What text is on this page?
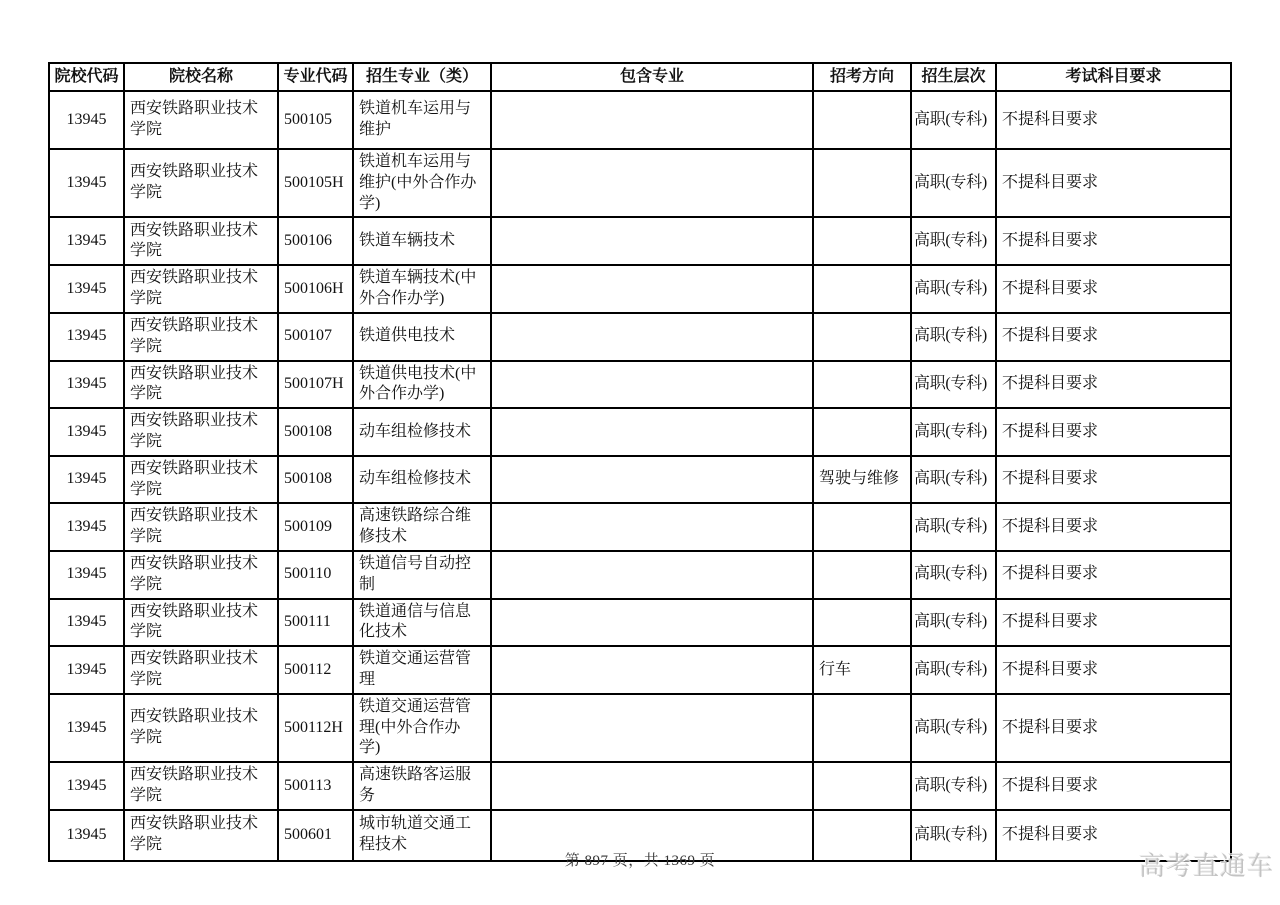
院校代码	院校名称	专业代码	招生专业（类）	包含专业	招考方向	招生层次	考试科目要求
13945	西安铁路职业技术学院	500105	铁道机车运用与维护			高职(专科)	不提科目要求
13945	西安铁路职业技术学院	500105H	铁道机车运用与维护(中外合作办学)			高职(专科)	不提科目要求
13945	西安铁路职业技术学院	500106	铁道车辆技术			高职(专科)	不提科目要求
13945	西安铁路职业技术学院	500106H	铁道车辆技术(中外合作办学)			高职(专科)	不提科目要求
13945	西安铁路职业技术学院	500107	铁道供电技术			高职(专科)	不提科目要求
13945	西安铁路职业技术学院	500107H	铁道供电技术(中外合作办学)			高职(专科)	不提科目要求
13945	西安铁路职业技术学院	500108	动车组检修技术			高职(专科)	不提科目要求
13945	西安铁路职业技术学院	500108	动车组检修技术		驾驶与维修	高职(专科)	不提科目要求
13945	西安铁路职业技术学院	500109	高速铁路综合维修技术			高职(专科)	不提科目要求
13945	西安铁路职业技术学院	500110	铁道信号自动控制			高职(专科)	不提科目要求
13945	西安铁路职业技术学院	500111	铁道通信与信息化技术			高职(专科)	不提科目要求
13945	西安铁路职业技术学院	500112	铁道交通运营管理		行车	高职(专科)	不提科目要求
13945	西安铁路职业技术学院	500112H	铁道交通运营管理(中外合作办学)			高职(专科)	不提科目要求
13945	西安铁路职业技术学院	500113	高速铁路客运服务			高职(专科)	不提科目要求
13945	西安铁路职业技术学院	500601	城市轨道交通工程技术			高职(专科)	不提科目要求
第 897 页，共 1369 页	高考直通车
